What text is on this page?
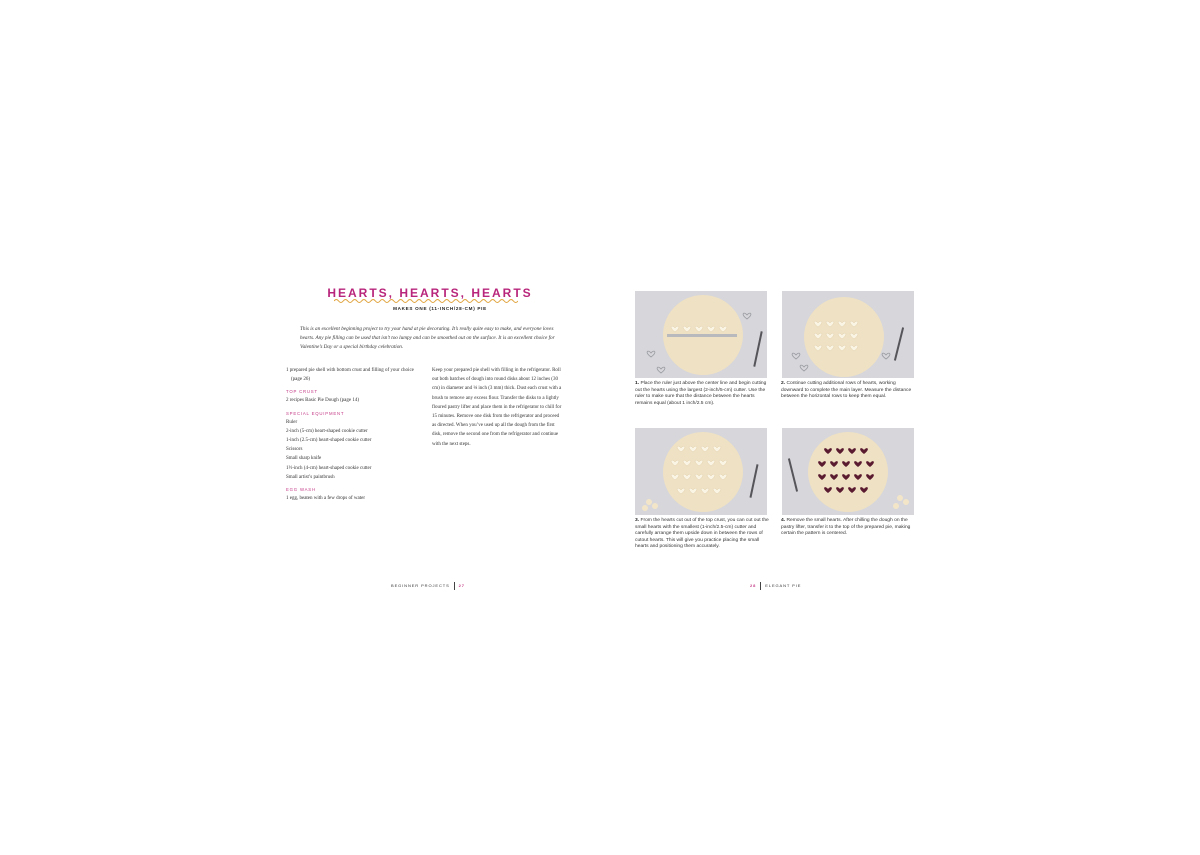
HEARTS, HEARTS, HEARTS
MAKES ONE (11-INCH/28-CM) PIE
This is an excellent beginning project to try your hand at pie decorating. It’s really quite easy to make, and everyone loves hearts. Any pie filling can be used that isn’t too lumpy and can be smoothed out on the surface. It is an excellent choice for Valentine’s Day or a special birthday celebration.
1 prepared pie shell with bottom crust and filling of your choice (page 26)
TOP CRUST
2 recipes Basic Pie Dough (page 14)
SPECIAL EQUIPMENT
Ruler
2-inch (5-cm) heart-shaped cookie cutter
1-inch (2.5-cm) heart-shaped cookie cutter
Scissors
Small sharp knife
1½-inch (4-cm) heart-shaped cookie cutter
Small artist’s paintbrush
EGG WASH
1 egg, beaten with a few drops of water
Keep your prepared pie shell with filling in the refrigerator. Roll out both batches of dough into round disks about 12 inches (30 cm) in diameter and ⅛ inch (3 mm) thick. Dust each crust with a brush to remove any excess flour. Transfer the disks to a lightly floured pastry lifter and place them in the refrigerator to chill for 15 minutes. Remove one disk from the refrigerator and proceed as directed. When you’ve used up all the dough from the first disk, remove the second one from the refrigerator and continue with the next steps.
BEGINNER PROJECTS 27	28 ELEGANT PIE
1. Place the ruler just above the center line and begin cutting out the hearts using the largest (2-inch/5-cm) cutter. Use the ruler to make sure that the distance between the hearts remains equal (about 1 inch/2.5 cm).
2. Continue cutting additional rows of hearts, working downward to complete the main layer. Measure the distance between the horizontal rows to keep them equal.
3. From the hearts cut out of the top crust, you can cut out the small hearts with the smallest (1-inch/2.5-cm) cutter and carefully arrange them upside down in between the rows of cutout hearts. This will give you practice placing the small hearts and positioning them accurately.
4. Remove the small hearts. After chilling the dough on the pastry lifter, transfer it to the top of the prepared pie, making certain the pattern is centered.
